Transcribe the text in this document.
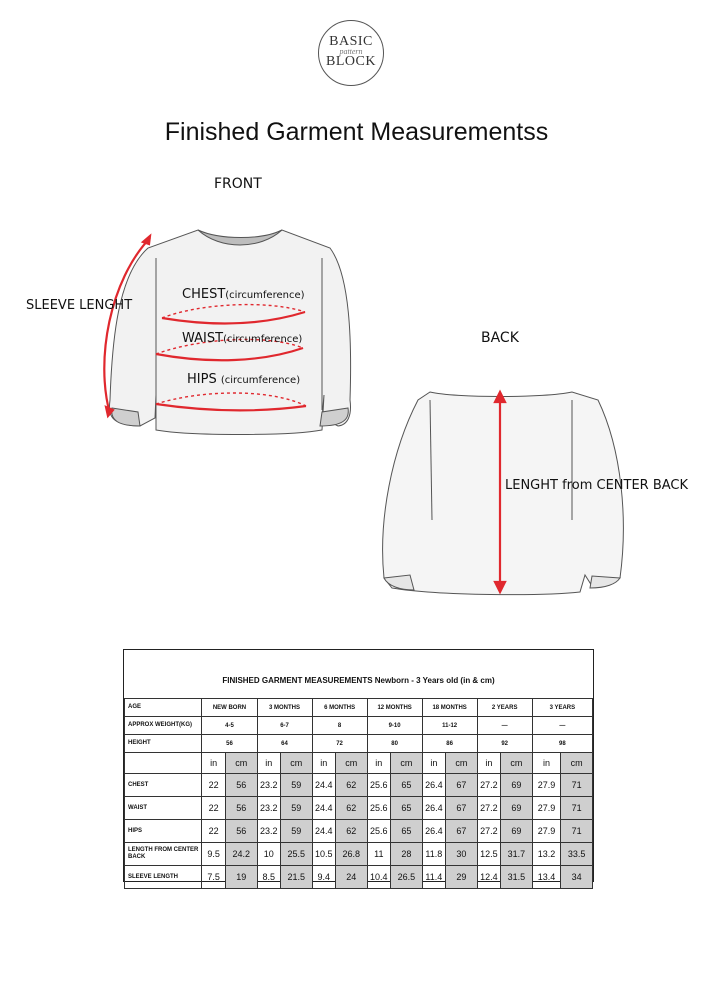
BASIC
pattern
BLOCK
Finished Garment Measurementss
FRONT
SLEEVE LENGHT
CHEST(circumference)
WAIST(circumference)
HIPS (circumference)
BACK
LENGHT from CENTER BACK
FINISHED GARMENT MEASUREMENTS Newborn - 3 Years old (in & cm)
AGE	NEW BORN		3 MONTHS		6 MONTHS		12 MONTHS		18 MONTHS		2 YEARS		3 YEARS	
APPROX WEIGHT(KG)	4-5		6-7		8		9-10		11-12		—		—	
HEIGHT	56		64		72		80		86		92		98	
	in	cm	in	cm	in	cm	in	cm	in	cm	in	cm	in	cm
CHEST	22	56	23.2	59	24.4	62	25.6	65	26.4	67	27.2	69	27.9	71
WAIST	22	56	23.2	59	24.4	62	25.6	65	26.4	67	27.2	69	27.9	71
HIPS	22	56	23.2	59	24.4	62	25.6	65	26.4	67	27.2	69	27.9	71
LENGTH FROM CENTER BACK	9.5	24.2	10	25.5	10.5	26.8	11	28	11.8	30	12.5	31.7	13.2	33.5
SLEEVE LENGTH	7.5	19	8.5	21.5	9.4	24	10.4	26.5	11.4	29	12.4	31.5	13.4	34
